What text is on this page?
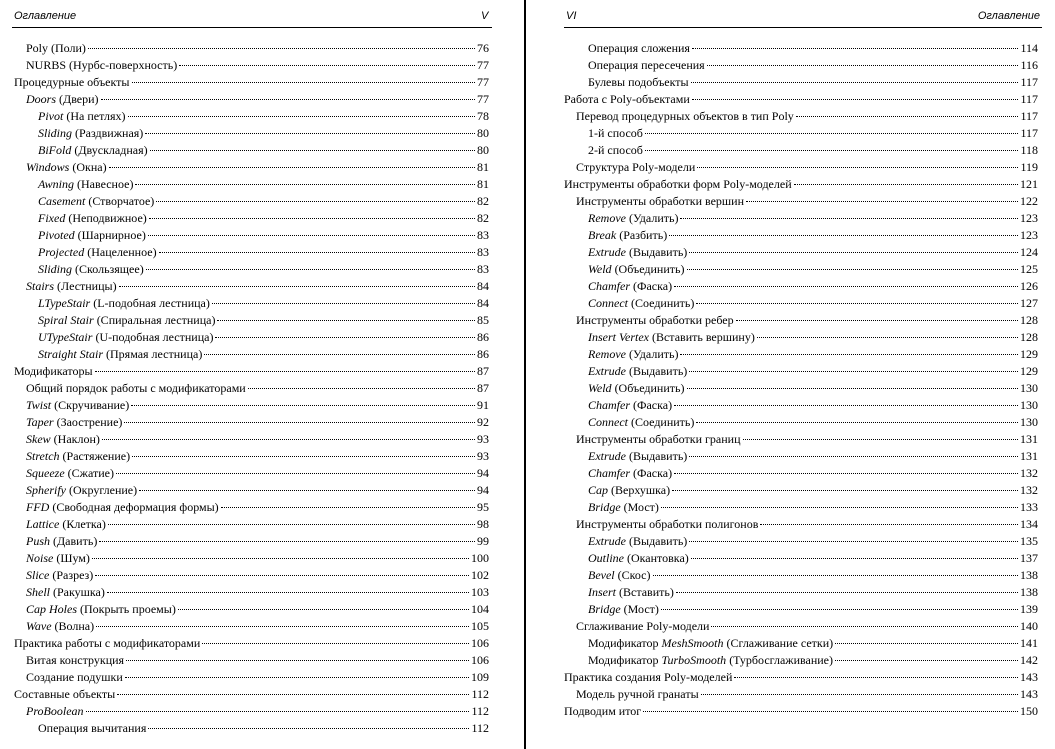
Оглавление	V
Poly (Поли)	76
NURBS (Нурбс-поверхность)	77
Процедурные объекты	77
Doors (Двери)	77
Pivot (На петлях)	78
Sliding (Раздвижная)	80
BiFold (Двускладная)	80
Windows (Окна)	81
Awning (Навесное)	81
Casement (Створчатое)	82
Fixed (Неподвижное)	82
Pivoted (Шарнирное)	83
Projected (Нацеленное)	83
Sliding (Скользящее)	83
Stairs (Лестницы)	84
LTypeStair (L-подобная лестница)	84
Spiral Stair (Спиральная лестница)	85
UTypeStair (U-подобная лестница)	86
Straight Stair (Прямая лестница)	86
Модификаторы	87
Общий порядок работы с модификаторами	87
Twist (Скручивание)	91
Taper (Заострение)	92
Skew (Наклон)	93
Stretch (Растяжение)	93
Squeeze (Сжатие)	94
Spherify (Округление)	94
FFD (Свободная деформация формы)	95
Lattice (Клетка)	98
Push (Давить)	99
Noise (Шум)	100
Slice (Разрез)	102
Shell (Ракушка)	103
Cap Holes (Покрыть проемы)	104
Wave (Волна)	105
Практика работы с модификаторами	106
Витая конструкция	106
Создание подушки	109
Составные объекты	112
ProBoolean	112
Операция вычитания	112
VI	Оглавление
Операция сложения	114
Операция пересечения	116
Булевы подобъекты	117
Работа с Poly-объектами	117
Перевод процедурных объектов в тип Poly	117
1-й способ	117
2-й способ	118
Структура Poly-модели	119
Инструменты обработки форм Poly-моделей	121
Инструменты обработки вершин	122
Remove (Удалить)	123
Break (Разбить)	123
Extrude (Выдавить)	124
Weld (Объединить)	125
Chamfer (Фаска)	126
Connect (Соединить)	127
Инструменты обработки ребер	128
Insert Vertex (Вставить вершину)	128
Remove (Удалить)	129
Extrude (Выдавить)	129
Weld (Объединить)	130
Chamfer (Фаска)	130
Connect (Соединить)	130
Инструменты обработки границ	131
Extrude (Выдавить)	131
Chamfer (Фаска)	132
Cap (Верхушка)	132
Bridge (Мост)	133
Инструменты обработки полигонов	134
Extrude (Выдавить)	135
Outline (Окантовка)	137
Bevel (Скос)	138
Insert (Вставить)	138
Bridge (Мост)	139
Сглаживание Poly-модели	140
Модификатор MeshSmooth (Сглаживание сетки)	141
Модификатор TurboSmooth (Турбосглаживание)	142
Практика создания Poly-моделей	143
Модель ручной гранаты	143
Подводим итог	150
